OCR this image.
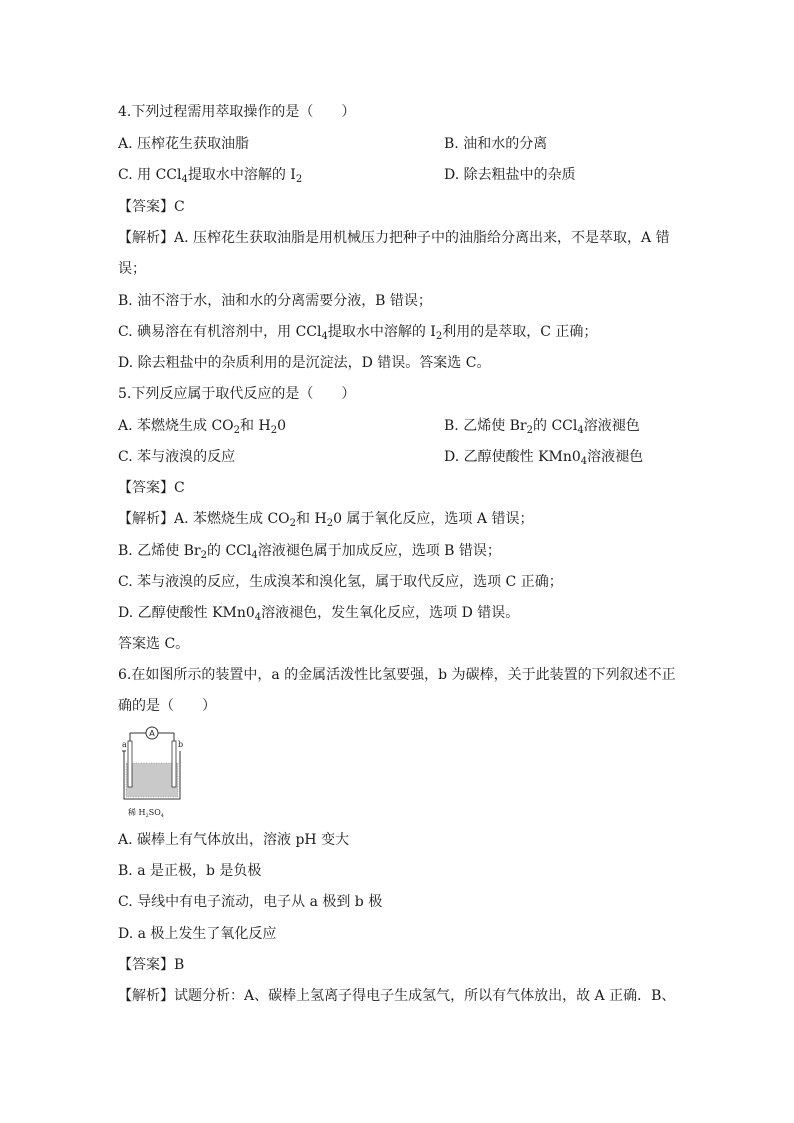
4.下列过程需用萃取操作的是（　　）
A. 压榨花生获取油脂	B. 油和水的分离
C. 用 CCl$_4$提取水中溶解的 $I_2$	D. 除去粗盐中的杂质
【答案】C
【解析】A. 压榨花生获取油脂是用机械压力把种子中的油脂给分离出来，不是萃取，A 错
误；
B. 油不溶于水，油和水的分离需要分液，B 错误；
C. 碘易溶在有机溶剂中，用 CCl$_4$提取水中溶解的 $I_2$利用的是萃取，C 正确；
D. 除去粗盐中的杂质利用的是沉淀法，D 错误。答案选 C。
5.下列反应属于取代反应的是（　　）
A. 苯燃烧生成 $CO_2$和 $H_20$	B. 乙烯使 $Br_2$的 CCl$_4$溶液褪色
C. 苯与液溴的反应	D. 乙醇使酸性 $KMn0_4$溶液褪色
【答案】C
【解析】A. 苯燃烧生成 $CO_2$和 $H_20$ 属于氧化反应，选项 A 错误；
B. 乙烯使 $Br_2$的 CCl$_4$溶液褪色属于加成反应，选项 B 错误；
C. 苯与液溴的反应，生成溴苯和溴化氢，属于取代反应，选项 C 正确；
D. 乙醇使酸性 $KMn0_4$溶液褪色，发生氧化反应，选项 D 错误。
答案选 C。
6.在如图所示的装置中，a 的金属活泼性比氢要强，b 为碳棒，关于此装置的下列叙述不正
确的是（　　）
A
a	b
稀 $H_2SO_4$
A. 碳棒上有气体放出，溶液 pH 变大
B. a 是正极，b 是负极
C. 导线中有电子流动，电子从 a 极到 b 极
D. a 极上发生了氧化反应
【答案】B
【解析】试题分析：A、碳棒上氢离子得电子生成氢气，所以有气体放出，故 A 正确．B、
